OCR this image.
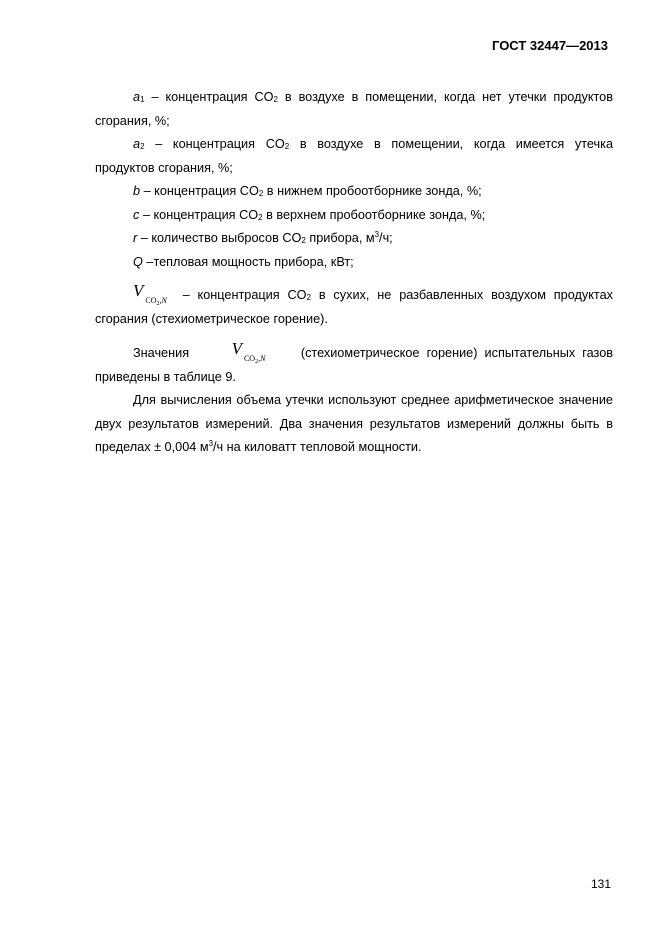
ГОСТ 32447—2013

$a_1$ – концентрация $CO_2$ в воздухе в помещении, когда нет утечки продуктов

сгорания, %;

$a_2$ – концентрация $CO_2$ в воздухе в помещении, когда имеется утечка

продуктов сгорания, %;

b – концентрация $CO_2$ в нижнем пробоотборнике зонда, %;

c – концентрация $CO_2$ в верхнем пробоотборнике зонда, %;

r – количество выбросов $CO_2$ прибора, $м^3/ч$;

Q –тепловая мощность прибора, кВт;

$V_{CO_2,N}$ – концентрация $CO_2$ в сухих, не разбавленных воздухом продуктах

сгорания (стехиометрическое горение).

Значения	$V_{CO_2,N}$	(стехиометрическое горение) испытательных газов

приведены в таблице 9.

Для вычисления объема утечки используют среднее арифметическое значение двух результатов измерений. Два значения результатов измерений должны быть в пределах ± 0,004 $м^3/ч$ на киловатт тепловой мощности.

131
